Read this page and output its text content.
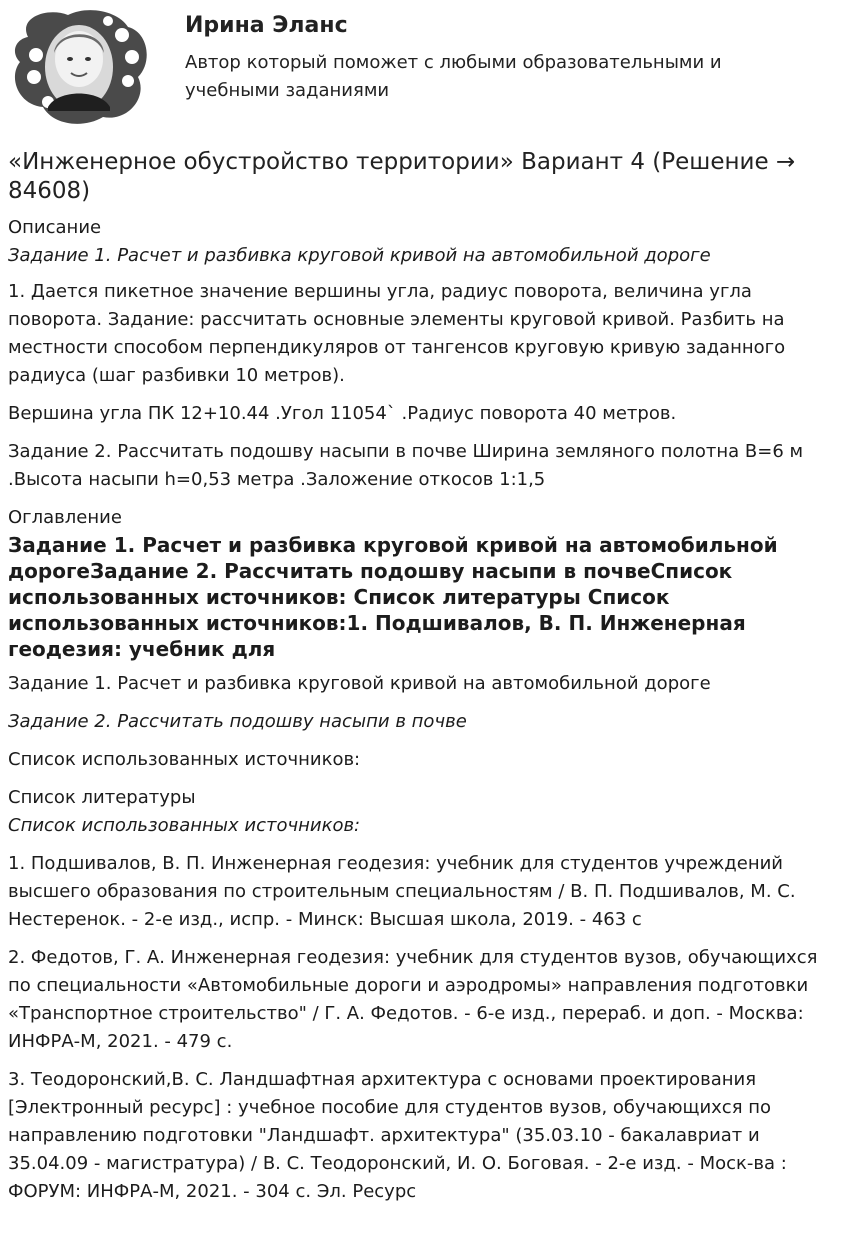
Ирина Эланс
Автор который поможет с любыми образовательными и учебными заданиями
«Инженерное обустройство территории» Вариант 4 (Решение → 84608)
Описание

Задание 1. Расчет и разбивка круговой кривой на автомобильной дороге

1. Дается пикетное значение вершины угла, радиус поворота, величина угла поворота. Задание: рассчитать основные элементы круговой кривой. Разбить на местности способом перпендикуляров от тангенсов круговую кривую заданного радиуса (шаг разбивки 10 метров).

Вершина угла ПК 12+10.44 .Угол 11054` .Радиус поворота 40 метров.

Задание 2. Рассчитать подошву насыпи в почве Ширина земляного полотна B=6 м .Высота насыпи h=0,53 метра .Заложение откосов 1:1,5

Оглавление
Задание 1. Расчет и разбивка круговой кривой на автомобильной дорогеЗадание 2. Рассчитать подошву насыпи в почвеСписок использованных источников: Список литературы Список использованных источников:1. Подшивалов, В. П. Инженерная геодезия: учебник для

Задание 1. Расчет и разбивка круговой кривой на автомобильной дороге

Задание 2. Рассчитать подошву насыпи в почве

Список использованных источников:

Список литературы

Список использованных источников:

1. Подшивалов, В. П. Инженерная геодезия: учебник для студентов учреждений высшего образования по строительным специальностям / В. П. Подшивалов, М. С. Нестеренок. - 2-е изд., испр. - Минск: Высшая школа, 2019. - 463 с

2. Федотов, Г. А. Инженерная геодезия: учебник для студентов вузов, обучающихся по специальности «Автомобильные дороги и аэродромы» направления подготовки «Транспортное строительство" / Г. А. Федотов. - 6-е изд., перераб. и доп. - Москва: ИНФРА-М, 2021. - 479 с.

3. Теодоронский,В. С. Ландшафтная архитектура с основами проектирования [Электронный ресурс] : учебное пособие для студентов вузов, обучающихся по направлению подготовки "Ландшафт. архитектура" (35.03.10 - бакалавриат и 35.04.09 - магистратура) / В. С. Теодоронский, И. О. Боговая. - 2-е изд. - Моск-ва : ФОРУМ: ИНФРА-М, 2021. - 304 с. Эл. Ресурс
